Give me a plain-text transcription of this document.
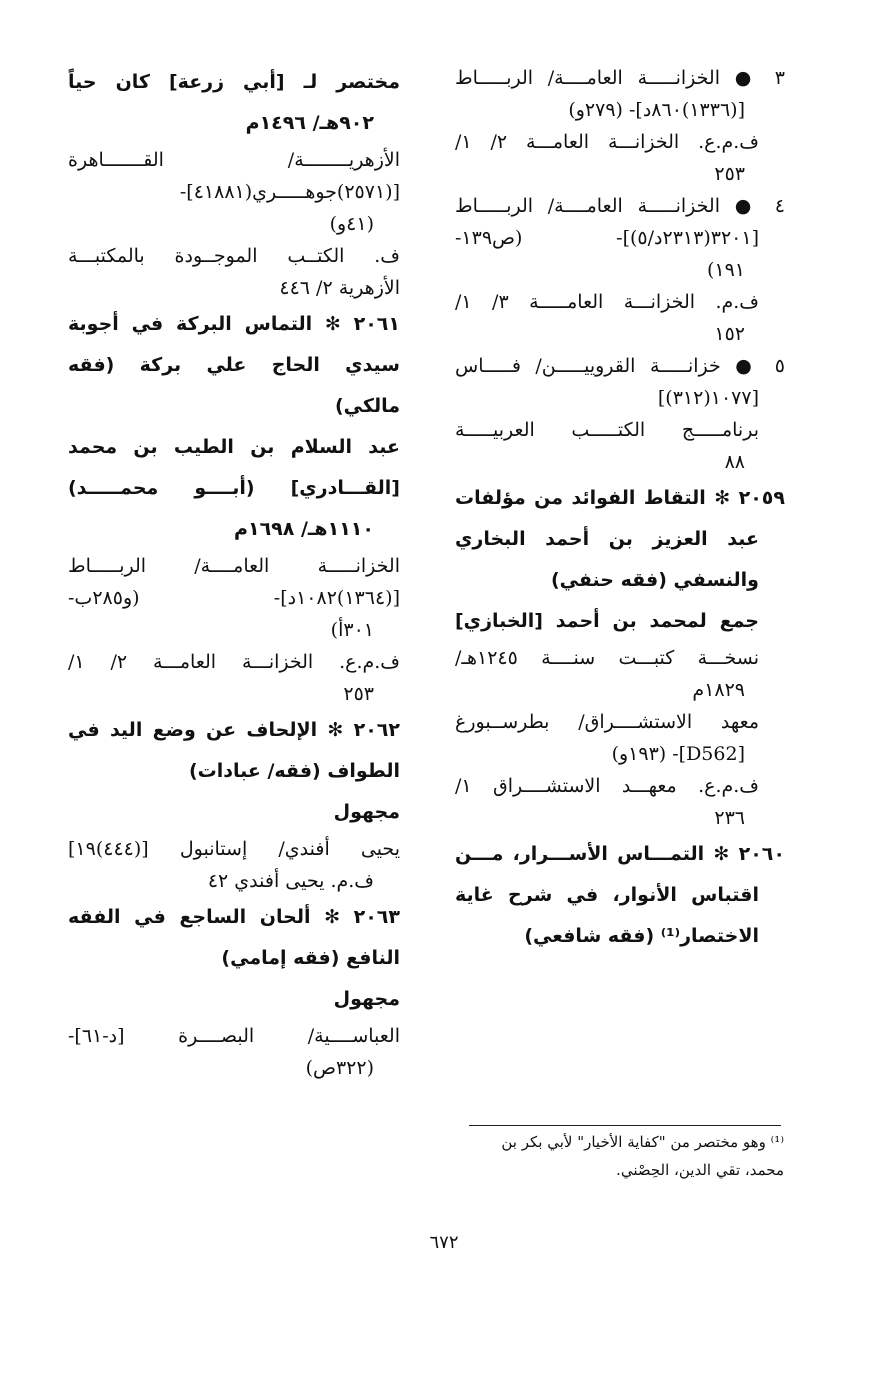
٣ ● الخزانـــــة العامــــة/ الربـــــاط
[(١٣٣٦)٨٦٠د]- (٢٧٩و)
ف.م.ع. الخزانـــة العامـــة ٢/ ١/
٢٥٣
٤ ● الخزانـــــة العامــــة/ الربـــــاط
[٣٢٠١(٢٣١٣د/٥)]- (ص١٣٩-
١٩١)
ف.م. الخزانـــة العامـــــة ٣/ ١/
١٥٢
٥ ● خزانـــــة القروييـــــن/ فـــــاس
[١٠٧٧(٣١٢)]
برنامـــــج الكتـــــب العربيـــــة
٨٨
٢٠٥٩ ✻ التقاط الفوائد من مؤلفات
عبد العزيز بن أحمد البخاري
والنسفي (فقه حنفي)
جمع لمحمد بن أحمد [الخبازي]
نسخـــة كتبـــت سنــــة ١٢٤٥هـ/
١٨٢٩م
معهد الاستشــــراق/ بطرســبورغ
[D562]- (١٩٣و)
ف.م.ع. معهـــد الاستشــــراق ١/
٢٣٦
٢٠٦٠ ✻ التمـــاس الأســـرار، مـــن
اقتباس الأنوار، في شرح غاية
الاختصار⁽¹⁾ (فقه شافعي)
مختصر لـ [أبي زرعة] كان حياً
٩٠٢هـ/ ١٤٩٦م
الأزهريــــــــة/ القـــــــاهرة
[(٢٥٧١)جوهـــــري(٤١٨٨١]-
(٤١و)
ف. الكتــب الموجــودة بالمكتبـــة
الأزهرية ٢/ ٤٤٦
٢٠٦١ ✻ التماس البركة في أجوبة
سيدي الحاج علي بركة (فقه
مالكي)
عبد السلام بن الطيب بن محمد
[القـــادري] (أبــــو محمـــــد)
١١١٠هـ/ ١٦٩٨م
الخزانـــــة العامــــة/ الربـــــاط
[(١٣٦٤)١٠٨٢د]- (و٢٨٥ب-
٣٠١أ)
ف.م.ع. الخزانـــة العامـــة ٢/ ١/
٢٥٣
٢٠٦٢ ✻ الإلحاف عن وضع اليد في
الطواف (فقه/ عبادات)
مجهول
يحيى أفندي/ إستانبول [(٤٤٤)١٩]
ف.م. يحيى أفندي ٤٢
٢٠٦٣ ✻ ألحان الساجع في الفقه
النافع (فقه إمامي)
مجهول
العباســــية/ البصــــرة [د-٦١]-
(٣٢٢ص)
⁽¹⁾ وهو مختصر من "كفاية الأخيار" لأبي بكر بن
محمد، تقي الدين، الحِصْني.
٦٧٢
